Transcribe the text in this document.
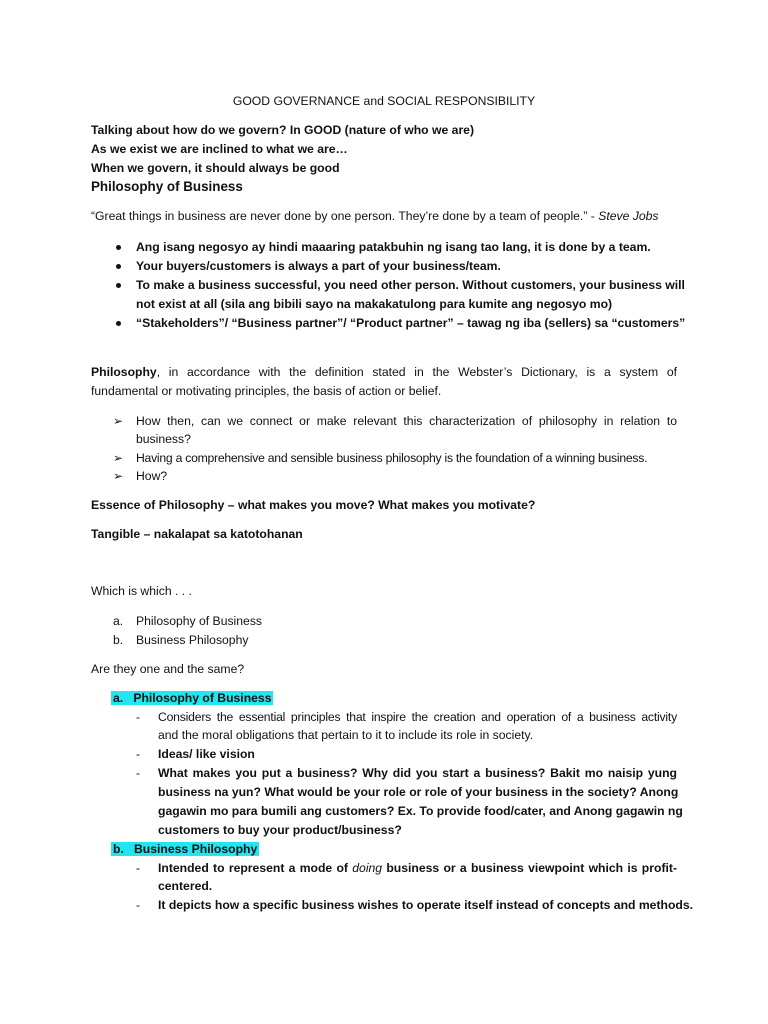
GOOD GOVERNANCE and SOCIAL RESPONSIBILITY
Talking about how do we govern? In GOOD (nature of who we are)
As we exist we are inclined to what we are…
When we govern, it should always be good
Philosophy of Business
“Great things in business are never done by one person. They’re done by a team of people.” - Steve Jobs
Ang isang negosyo ay hindi maaaring patakbuhin ng isang tao lang, it is done by a team.
Your buyers/customers is always a part of your business/team.
To make a business successful, you need other person. Without customers, your business will
not exist at all (sila ang bibili sayo na makakatulong para kumite ang negosyo mo)
“Stakeholders”/ “Business partner”/ “Product partner” – tawag ng iba (sellers) sa “customers”
Philosophy, in accordance with the definition stated in the Webster’s Dictionary, is a system of
fundamental or motivating principles, the basis of action or belief.
➢ How then, can we connect or make relevant this characterization of philosophy in relation to
business?
➢ Having a comprehensive and sensible business philosophy is the foundation of a winning business.
➢ How?
Essence of Philosophy – what makes you move? What makes you motivate?
Tangible – nakalapat sa katotohanan
Which is which . . .
a. Philosophy of Business
b. Business Philosophy
Are they one and the same?
a.   Philosophy of Business
- Considers the essential principles that inspire the creation and operation of a business activity
and the moral obligations that pertain to it to include its role in society.
- Ideas/ like vision
- What makes you put a business? Why did you start a business? Bakit mo naisip yung
business na yun? What would be your role or role of your business in the society? Anong
gagawin mo para bumili ang customers? Ex. To provide food/cater, and Anong gagawin ng
customers to buy your product/business?
b.   Business Philosophy
- Intended to represent a mode of doing business or a business viewpoint which is profit-
centered.
- It depicts how a specific business wishes to operate itself instead of concepts and methods.
